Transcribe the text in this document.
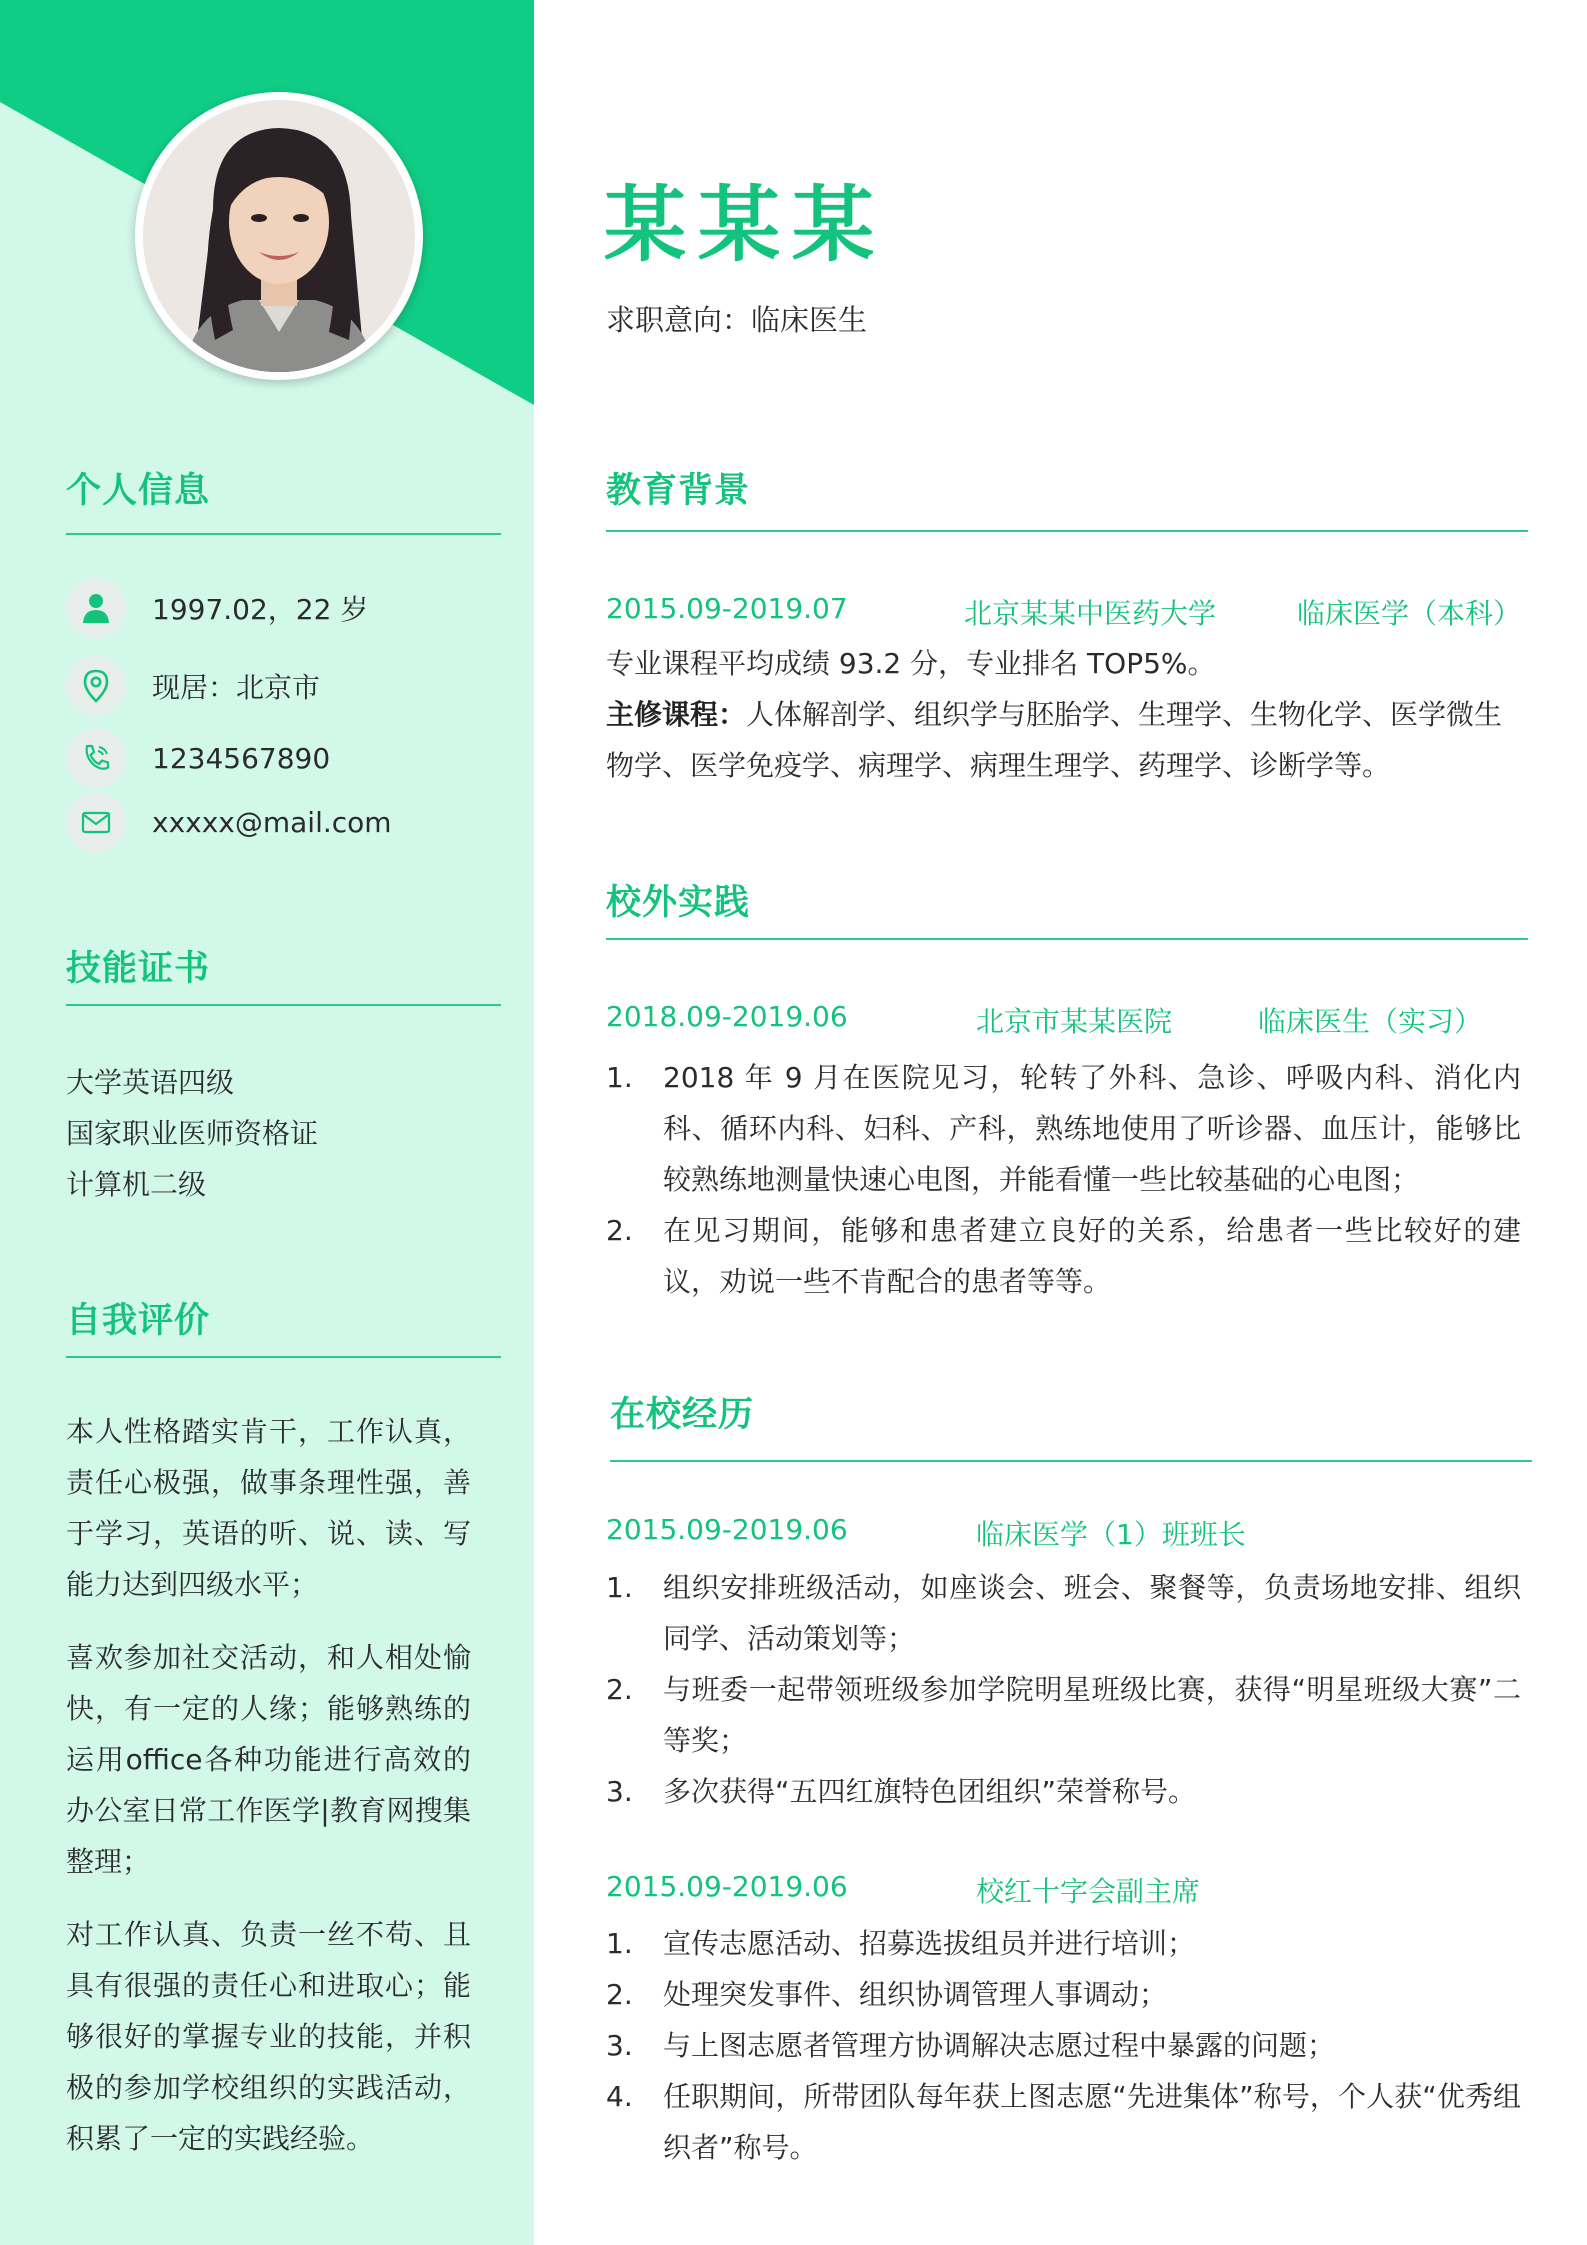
个人信息
1997.02，22 岁
现居：北京市
1234567890
xxxxx@mail.com
技能证书
大学英语四级
国家职业医师资格证
计算机二级
自我评价

本人性格踏实肯干，工作认真，责任心极强，做事条理性强，善于学习，英语的听、说、读、写能力达到四级水平；

喜欢参加社交活动，和人相处愉快，有一定的人缘；能够熟练的运用office各种功能进行高效的办公室日常工作医学|教育网搜集整理；

对工作认真、负责一丝不苟、且具有很强的责任心和进取心；能够很好的掌握专业的技能，并积极的参加学校组织的实践活动，积累了一定的实践经验。

某某某
求职意向：临床医生
教育背景
2015.09-2019.07	北京某某中医药大学	临床医学（本科）
专业课程平均成绩 93.2 分，专业排名 TOP5%。
主修课程：人体解剖学、组织学与胚胎学、生理学、生物化学、医学微生
物学、医学免疫学、病理学、病理生理学、药理学、诊断学等。
校外实践
2018.09-2019.06	北京市某某医院	临床医生（实习）
1. 2018 年 9 月在医院见习，轮转了外科、急诊、呼吸内科、消化内科、循环内科、妇科、产科，熟练地使用了听诊器、血压计，能够比较熟练地测量快速心电图，并能看懂一些比较基础的心电图；
2. 在见习期间，能够和患者建立良好的关系，给患者一些比较好的建议，劝说一些不肯配合的患者等等。
在校经历
2015.09-2019.06	临床医学（1）班班长
1. 组织安排班级活动，如座谈会、班会、聚餐等，负责场地安排、组织同学、活动策划等；
2. 与班委一起带领班级参加学院明星班级比赛，获得“明星班级大赛”二等奖；
3. 多次获得“五四红旗特色团组织”荣誉称号。
2015.09-2019.06	校红十字会副主席
1. 宣传志愿活动、招募选拔组员并进行培训；
2. 处理突发事件、组织协调管理人事调动；
3. 与上图志愿者管理方协调解决志愿过程中暴露的问题；
4. 任职期间，所带团队每年获上图志愿“先进集体”称号，个人获“优秀组织者”称号。
